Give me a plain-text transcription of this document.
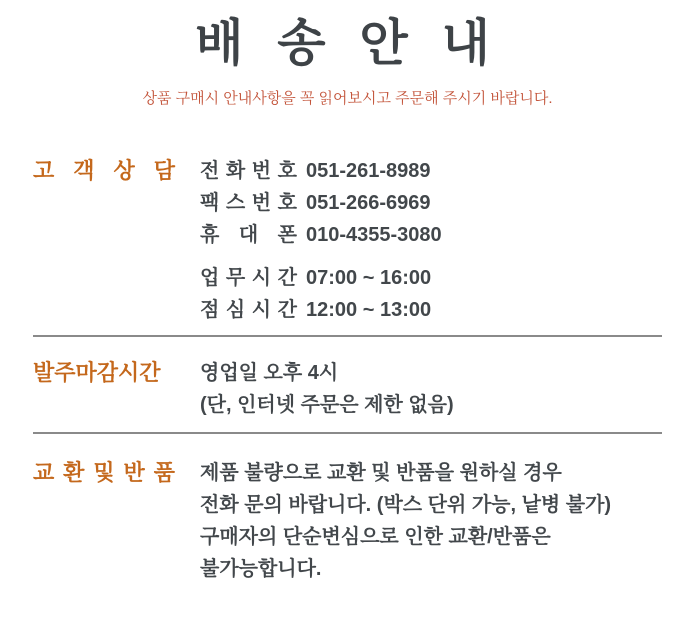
배 송 안 내

상품 구매시 안내사항을 꼭 읽어보시고 주문해 주시기 바랍니다.

고 객 상 담 전 화 번 호 051-261-8989
팩 스 번 호 051-266-6969
휴 대 폰 010-4355-3080
업 무 시 간 07:00 ~ 16:00
점 심 시 간 12:00 ~ 13:00
발주마감시간	영업일 오후 4시
(단, 인터넷 주문은 제한 없음)
교 환 및 반 품 제품 불량으로 교환 및 반품을 원하실 경우
전화 문의 바랍니다. (박스 단위 가능, 낱병 불가)
구매자의 단순변심으로 인한 교환/반품은
불가능합니다.
